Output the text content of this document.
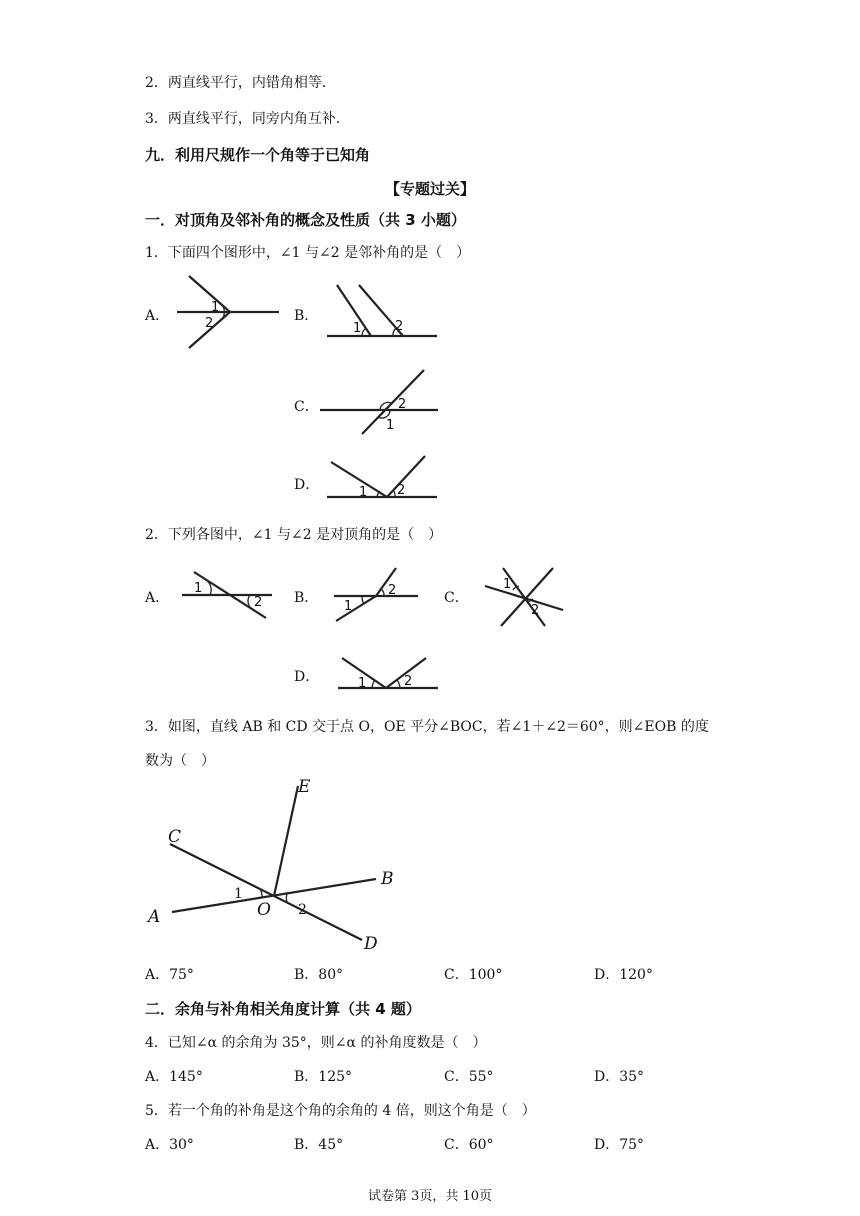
2．两直线平行，内错角相等．
3．两直线平行，同旁内角互补．
九．利用尺规作一个角等于已知角
【专题过关】
一．对顶角及邻补角的概念及性质（共 3 小题）
1．下面四个图形中，∠1 与∠2 是邻补角的是（　）
A．
1
2	B．
1	2
C．	2
1
D．	1 2
2．下列各图中，∠1 与∠2 是对顶角的是（　）
A．
1
2 B．
1
2	C．
1
2
D．	1	2
3．如图，直线 AB 和 CD 交于点 O，OE 平分∠BOC，若∠1＋∠2＝60°，则∠EOB 的度
数为（　）
E
C
B
A	O
D
1
2
A．75°	B．80°	C．100°	D．120°
二．余角与补角相关角度计算（共 4 题）
4．已知∠α 的余角为 35°，则∠α 的补角度数是（　）
A．145°	B．125°	C．55°	D．35°
5．若一个角的补角是这个角的余角的 4 倍，则这个角是（　）
A．30°	B．45°	C．60°	D．75°
试卷第 3页，共 10页
